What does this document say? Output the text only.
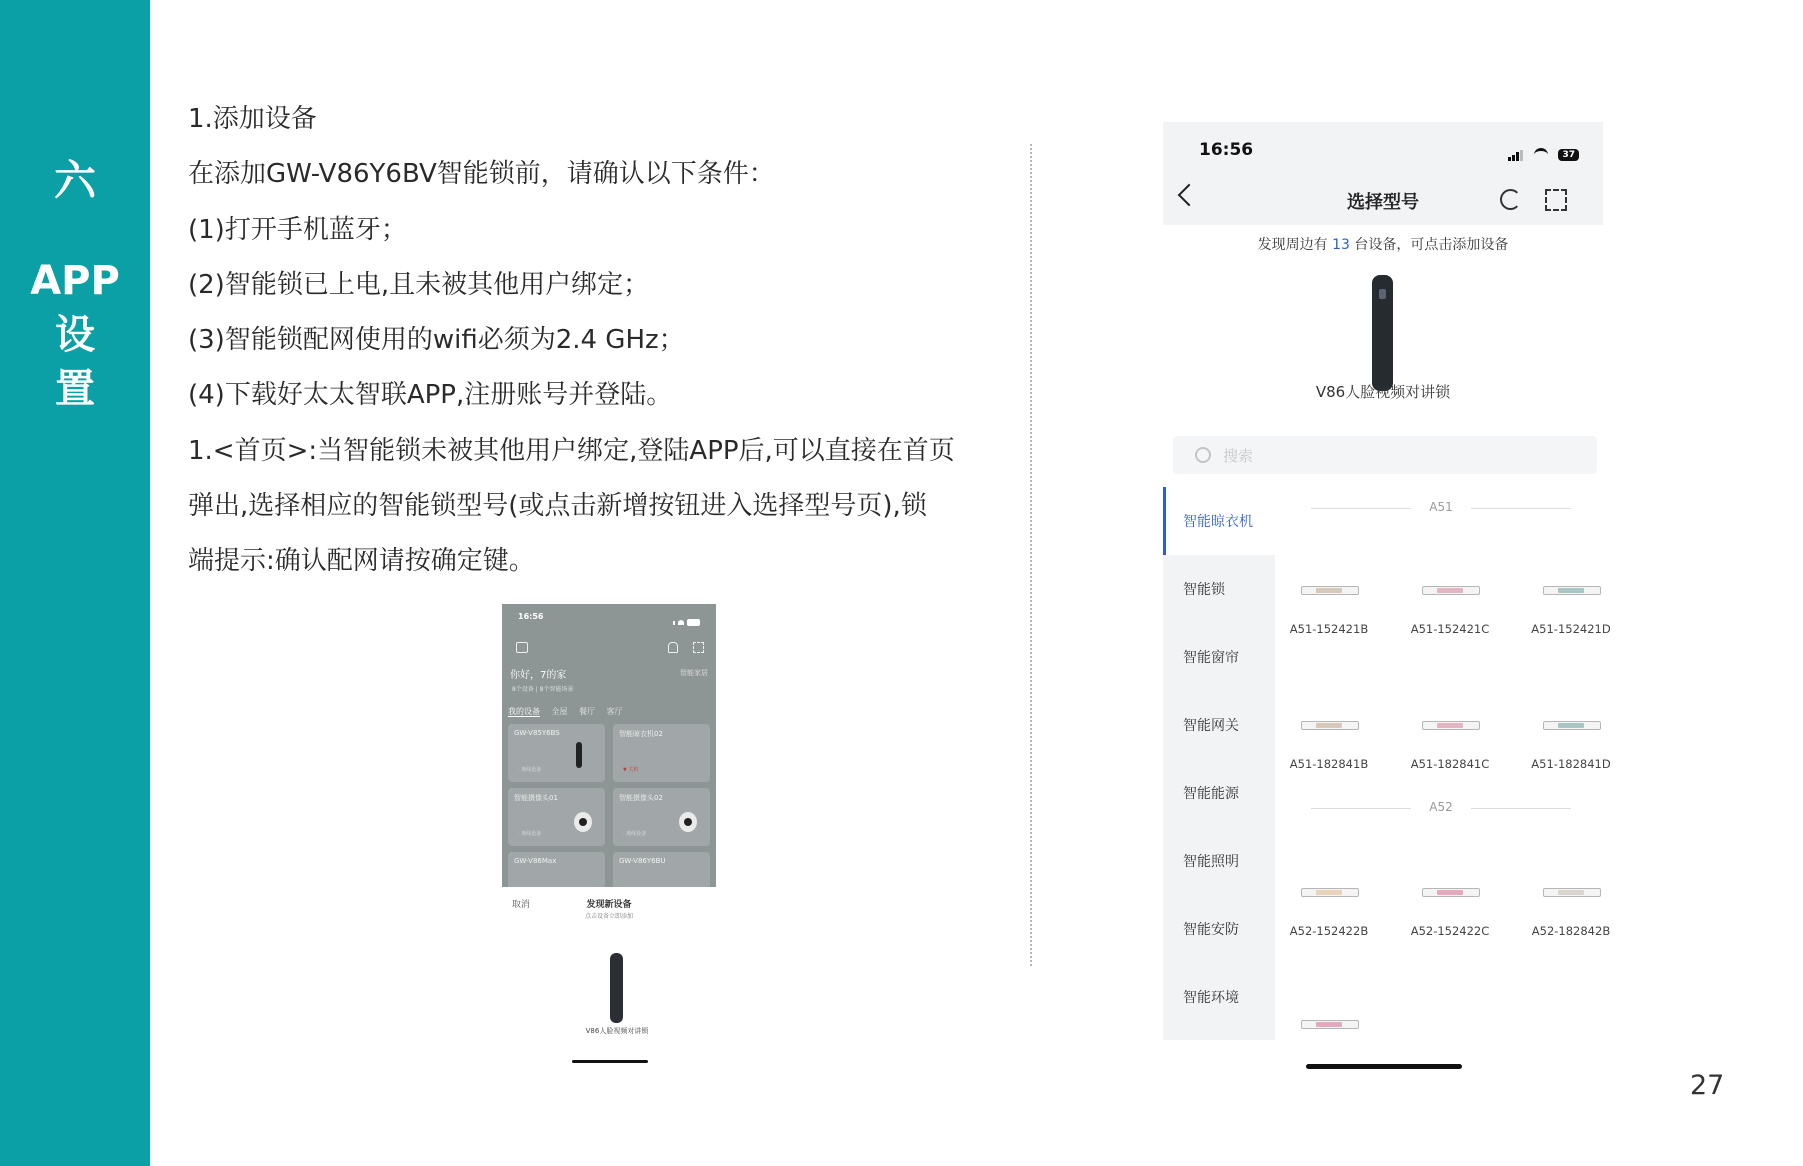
六
APP
设
置

1.添加设备

在添加GW-V86Y6BV智能锁前，请确认以下条件：

(1)打开手机蓝牙；

(2)智能锁已上电,且未被其他用户绑定；

(3)智能锁配网使用的wifi必须为2.4 GHz；

(4)下载好太太智联APP,注册账号并登陆。

1.<首页>:当智能锁未被其他用户绑定,登陆APP后,可以直接在首页

弹出,选择相应的智能锁型号(或点击新增按钮进入选择型号页),锁

端提示:确认配网请按确定键。

16:56
你好，7的家	智能家居
8个设备 | 8个智能场景
我的设备 全屋 餐厅 客厅
GW-V85Y6BS
· 离线设备
智能晾衣机02
▼ 关机
智能摄像头01
· 离线设备
智能摄像头02
· 离线设备
GW-V86Max	GW-V86Y6BU
发现新设备
取消
点击设备立即添加
V86人脸视频对讲锁
16:56	37
选择型号
发现周边有 13 台设备，可点击添加设备
V86人脸视频对讲锁
搜索
智能晾衣机
智能锁
智能窗帘
智能网关
智能能源
智能照明
智能安防
智能环境
A51
A51-152421B	A51-152421C	A51-152421D
A51-182841B	A51-182841C	A51-182841D
A52
A52-152422B	A52-152422C	A52-182842B
27
